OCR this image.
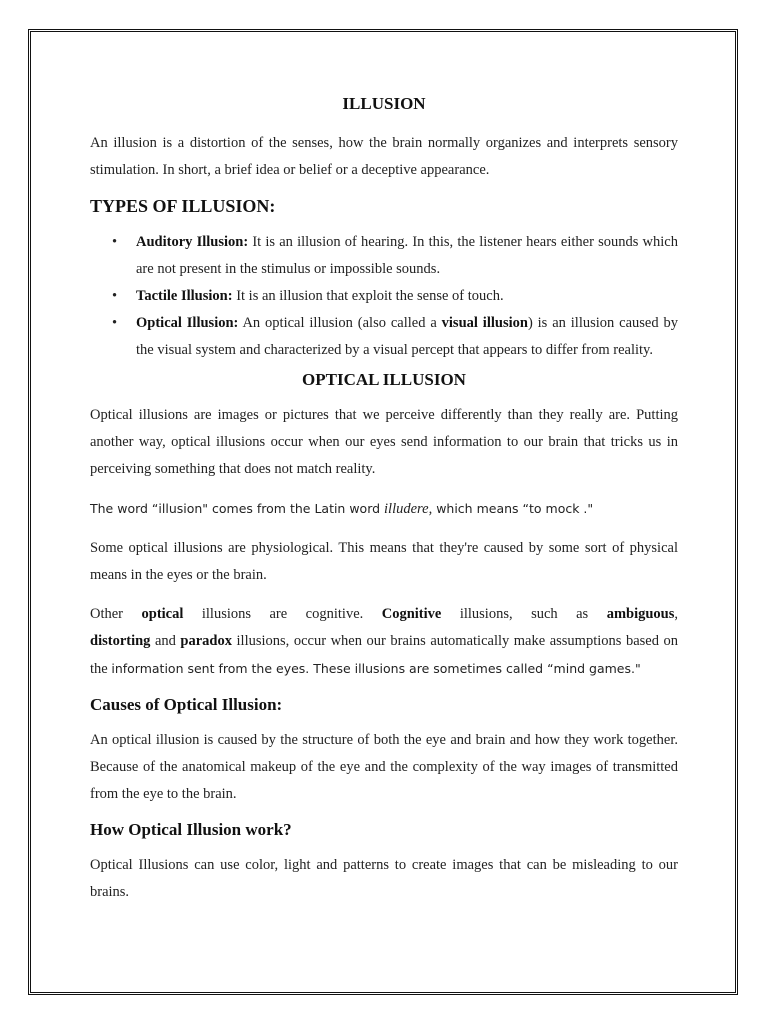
ILLUSION

An illusion is a distortion of the senses, how the brain normally organizes and interprets sensory stimulation. In short, a brief idea or belief or a deceptive appearance.

TYPES OF ILLUSION:
• Auditory Illusion: It is an illusion of hearing. In this, the listener hears either sounds which are not present in the stimulus or impossible sounds.
• Tactile Illusion: It is an illusion that exploit the sense of touch.
• Optical Illusion: An optical illusion (also called a visual illusion) is an illusion caused by the visual system and characterized by a visual percept that appears to differ from reality.
OPTICAL ILLUSION

Optical illusions are images or pictures that we perceive differently than they really are. Putting another way, optical illusions occur when our eyes send information to our brain that tricks us in perceiving something that does not match reality.

The word “illusion" comes from the Latin word illudere, which means “to mock ."

Some optical illusions are physiological. This means that they're caused by some sort of physical means in the eyes or the brain.

Other optical illusions are cognitive. Cognitive illusions, such as ambiguous, distorting and paradox illusions, occur when our brains automatically make assumptions based on the information sent from the eyes. These illusions are sometimes called “mind games."

Causes of Optical Illusion:

An optical illusion is caused by the structure of both the eye and brain and how they work together. Because of the anatomical makeup of the eye and the complexity of the way images of transmitted from the eye to the brain.

How Optical Illusion work?

Optical Illusions can use color, light and patterns to create images that can be misleading to our brains.
